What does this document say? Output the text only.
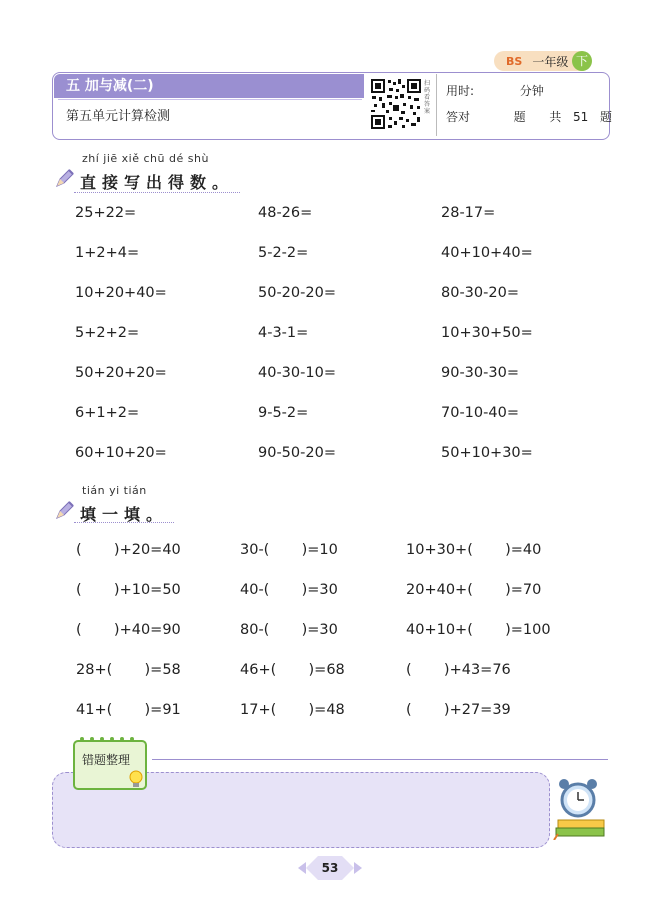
BS 一年级 下
五 加与减(二)
第五单元计算检测
扫码看答案
用时:	分钟
答对	题 共 51 题
zhí jiē xiě chū dé shù
直接写出得数。
25+22=	48-26=	28-17=
1+2+4=	5-2-2=	40+10+40=
10+20+40=	50-20-20=	80-30-20=
5+2+2=	4-3-1=	10+30+50=
50+20+20=	40-30-10=	90-30-30=
6+1+2=	9-5-2=	70-10-40=
60+10+20=	90-50-20=	50+10+30=
tián yi tián
填一填。
(       )+20=40	30-(       )=10	10+30+(       )=40
(       )+10=50	40-(       )=30	20+40+(       )=70
(       )+40=90	80-(       )=30	40+10+(       )=100
28+(       )=58	46+(       )=68	(       )+43=76
41+(       )=91	17+(       )=48	(       )+27=39
错题整理
53
